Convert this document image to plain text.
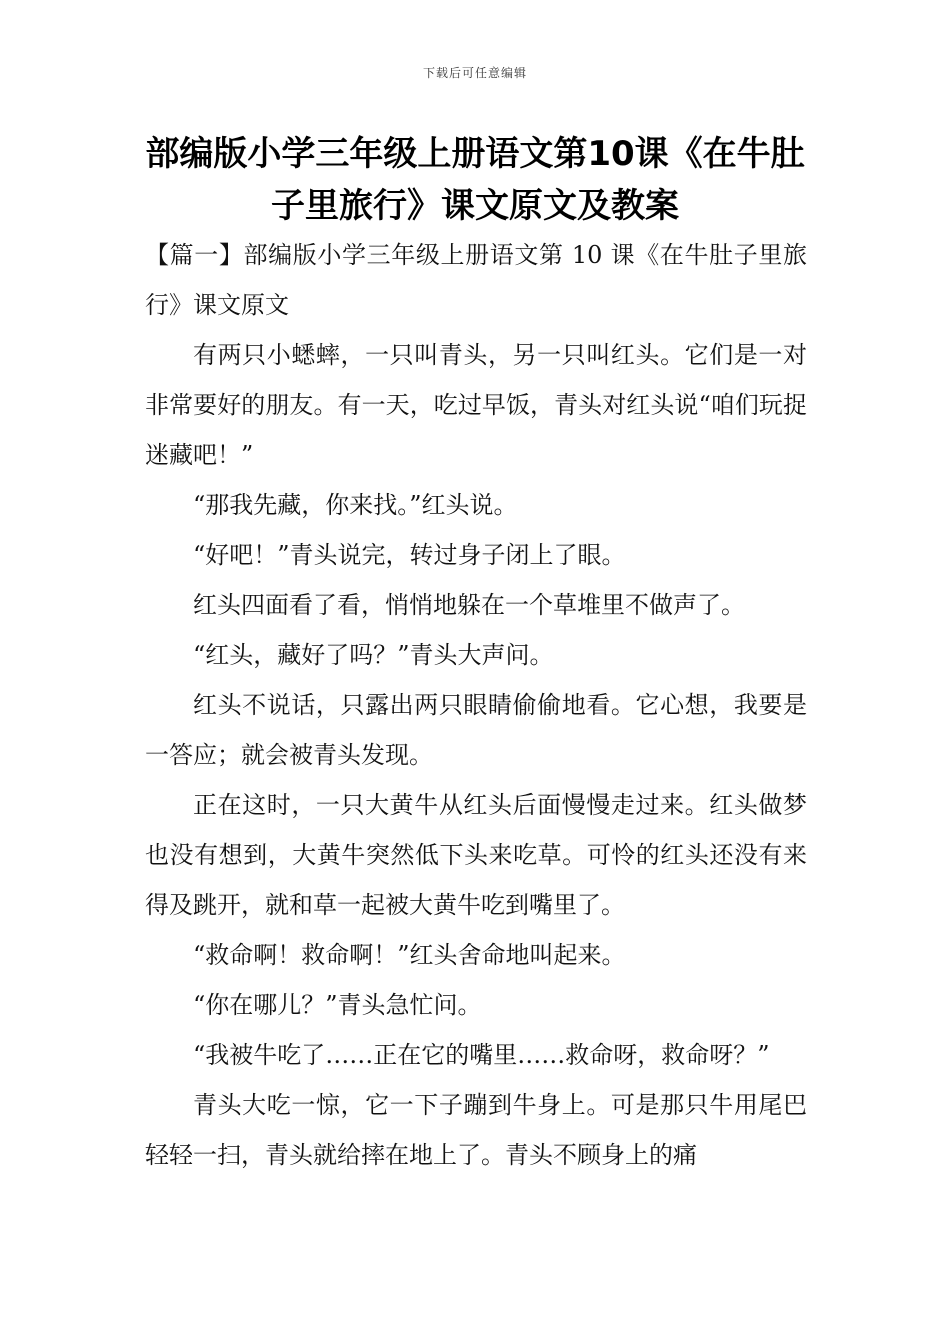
下载后可任意编辑
部编版小学三年级上册语文第10课《在牛肚子里旅行》课文原文及教案

【篇一】部编版小学三年级上册语文第 10 课《在牛肚子里旅行》课文原文

有两只小蟋蟀，一只叫青头，另一只叫红头。它们是一对非常要好的朋友。有一天，吃过早饭，青头对红头说“咱们玩捉迷藏吧！”

“那我先藏，你来找。”红头说。

“好吧！”青头说完，转过身子闭上了眼。

红头四面看了看，悄悄地躲在一个草堆里不做声了。

“红头，藏好了吗？”青头大声问。

红头不说话，只露出两只眼睛偷偷地看。它心想，我要是一答应；就会被青头发现。

正在这时，一只大黄牛从红头后面慢慢走过来。红头做梦也没有想到，大黄牛突然低下头来吃草。可怜的红头还没有来得及跳开，就和草一起被大黄牛吃到嘴里了。

“救命啊！救命啊！”红头舍命地叫起来。

“你在哪儿？”青头急忙问。

“我被牛吃了……正在它的嘴里……救命呀，救命呀？”

青头大吃一惊，它一下子蹦到牛身上。可是那只牛用尾巴轻轻一扫，青头就给摔在地上了。青头不顾身上的痛
